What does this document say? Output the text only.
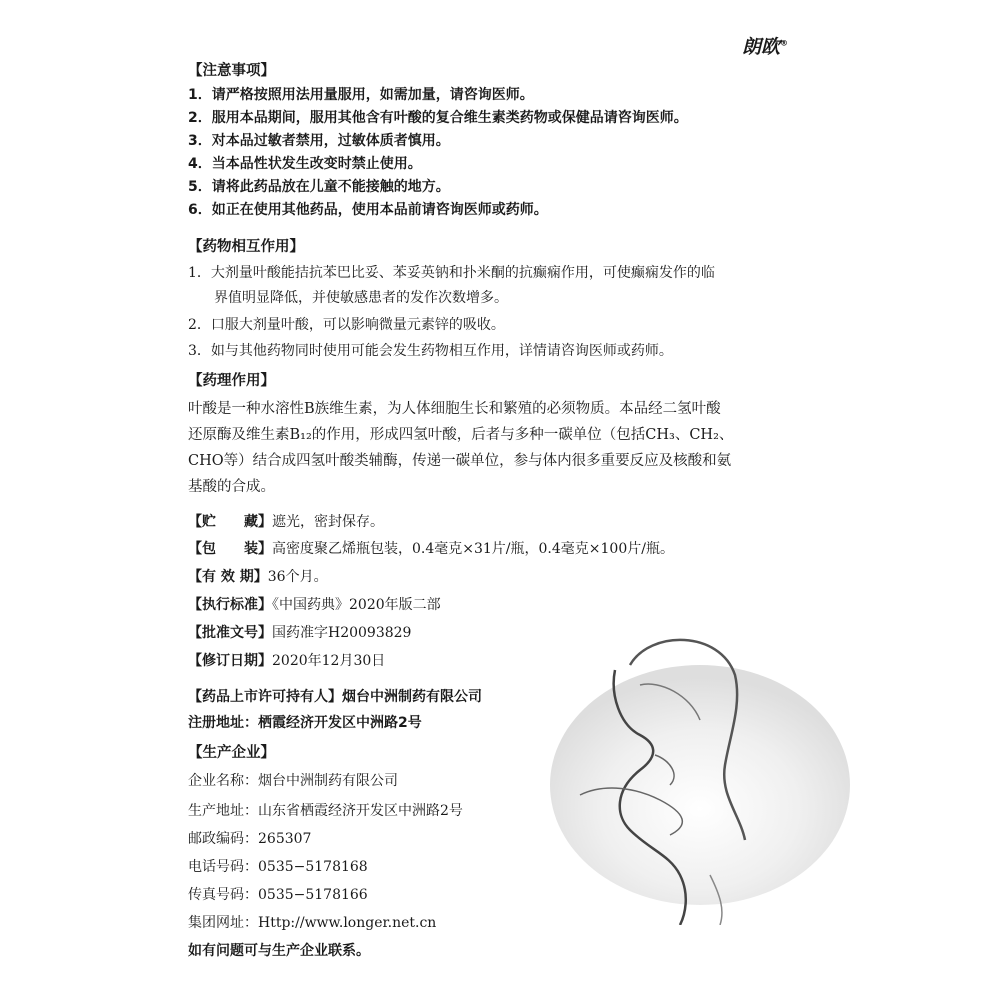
朗欧®
【注意事项】
1．请严格按照用法用量服用，如需加量，请咨询医师。
2．服用本品期间，服用其他含有叶酸的复合维生素类药物或保健品请咨询医师。
3．对本品过敏者禁用，过敏体质者慎用。
4．当本品性状发生改变时禁止使用。
5．请将此药品放在儿童不能接触的地方。
6．如正在使用其他药品，使用本品前请咨询医师或药师。
【药物相互作用】
1．大剂量叶酸能拮抗苯巴比妥、苯妥英钠和扑米酮的抗癫痫作用，可使癫痫发作的临
界值明显降低，并使敏感患者的发作次数增多。
2．口服大剂量叶酸，可以影响微量元素锌的吸收。
3．如与其他药物同时使用可能会发生药物相互作用，详情请咨询医师或药师。
【药理作用】
叶酸是一种水溶性B族维生素，为人体细胞生长和繁殖的必须物质。本品经二氢叶酸
还原酶及维生素B₁₂的作用，形成四氢叶酸，后者与多种一碳单位（包括CH₃、CH₂、
CHO等）结合成四氢叶酸类辅酶，传递一碳单位，参与体内很多重要反应及核酸和氨
基酸的合成。
【贮　　藏】遮光，密封保存。
【包　　装】高密度聚乙烯瓶包装，0.4毫克×31片/瓶，0.4毫克×100片/瓶。
【有 效 期】36个月。
【执行标准】《中国药典》2020年版二部
【批准文号】国药准字H20093829
【修订日期】2020年12月30日
【药品上市许可持有人】烟台中洲制药有限公司
注册地址：栖霞经济开发区中洲路2号
【生产企业】
企业名称：烟台中洲制药有限公司
生产地址：山东省栖霞经济开发区中洲路2号
邮政编码：265307
电话号码：0535−5178168
传真号码：0535−5178166
集团网址：Http://www.longer.net.cn
如有问题可与生产企业联系。
